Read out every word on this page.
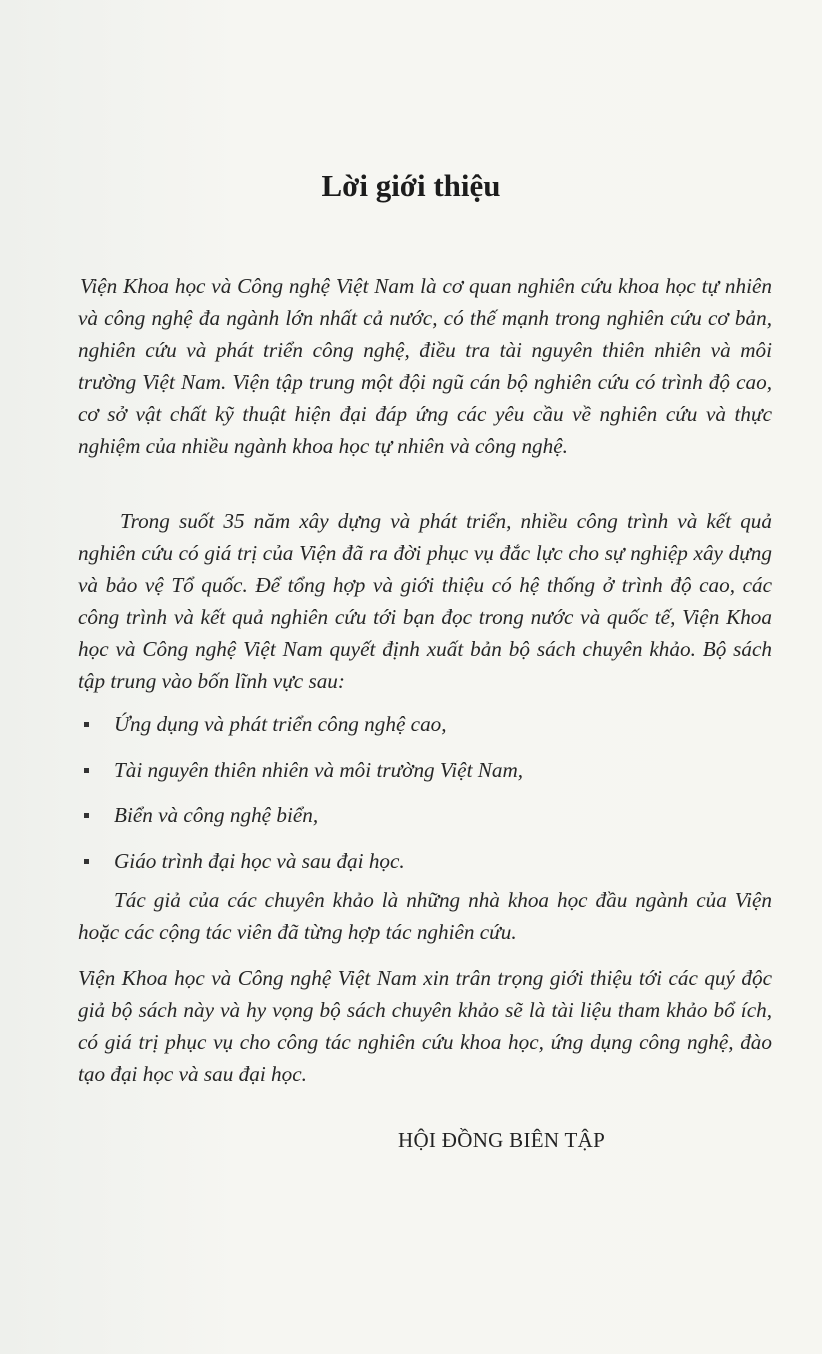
Lời giới thiệu
Viện Khoa học và Công nghệ Việt Nam là cơ quan nghiên cứu khoa học tự nhiên và công nghệ đa ngành lớn nhất cả nước, có thế mạnh trong nghiên cứu cơ bản, nghiên cứu và phát triển công nghệ, điều tra tài nguyên thiên nhiên và môi trường Việt Nam. Viện tập trung một đội ngũ cán bộ nghiên cứu có trình độ cao, cơ sở vật chất kỹ thuật hiện đại đáp ứng các yêu cầu về nghiên cứu và thực nghiệm của nhiều ngành khoa học tự nhiên và công nghệ.
Trong suốt 35 năm xây dựng và phát triển, nhiều công trình và kết quả nghiên cứu có giá trị của Viện đã ra đời phục vụ đắc lực cho sự nghiệp xây dựng và bảo vệ Tổ quốc. Để tổng hợp và giới thiệu có hệ thống ở trình độ cao, các công trình và kết quả nghiên cứu tới bạn đọc trong nước và quốc tế, Viện Khoa học và Công nghệ Việt Nam quyết định xuất bản bộ sách chuyên khảo. Bộ sách tập trung vào bốn lĩnh vực sau:
Ứng dụng và phát triển công nghệ cao,
Tài nguyên thiên nhiên và môi trường Việt Nam,
Biển và công nghệ biển,
Giáo trình đại học và sau đại học.
Tác giả của các chuyên khảo là những nhà khoa học đầu ngành của Viện hoặc các cộng tác viên đã từng hợp tác nghiên cứu.
Viện Khoa học và Công nghệ Việt Nam xin trân trọng giới thiệu tới các quý độc giả bộ sách này và hy vọng bộ sách chuyên khảo sẽ là tài liệu tham khảo bổ ích, có giá trị phục vụ cho công tác nghiên cứu khoa học, ứng dụng công nghệ, đào tạo đại học và sau đại học.
HỘI ĐỒNG BIÊN TẬP
